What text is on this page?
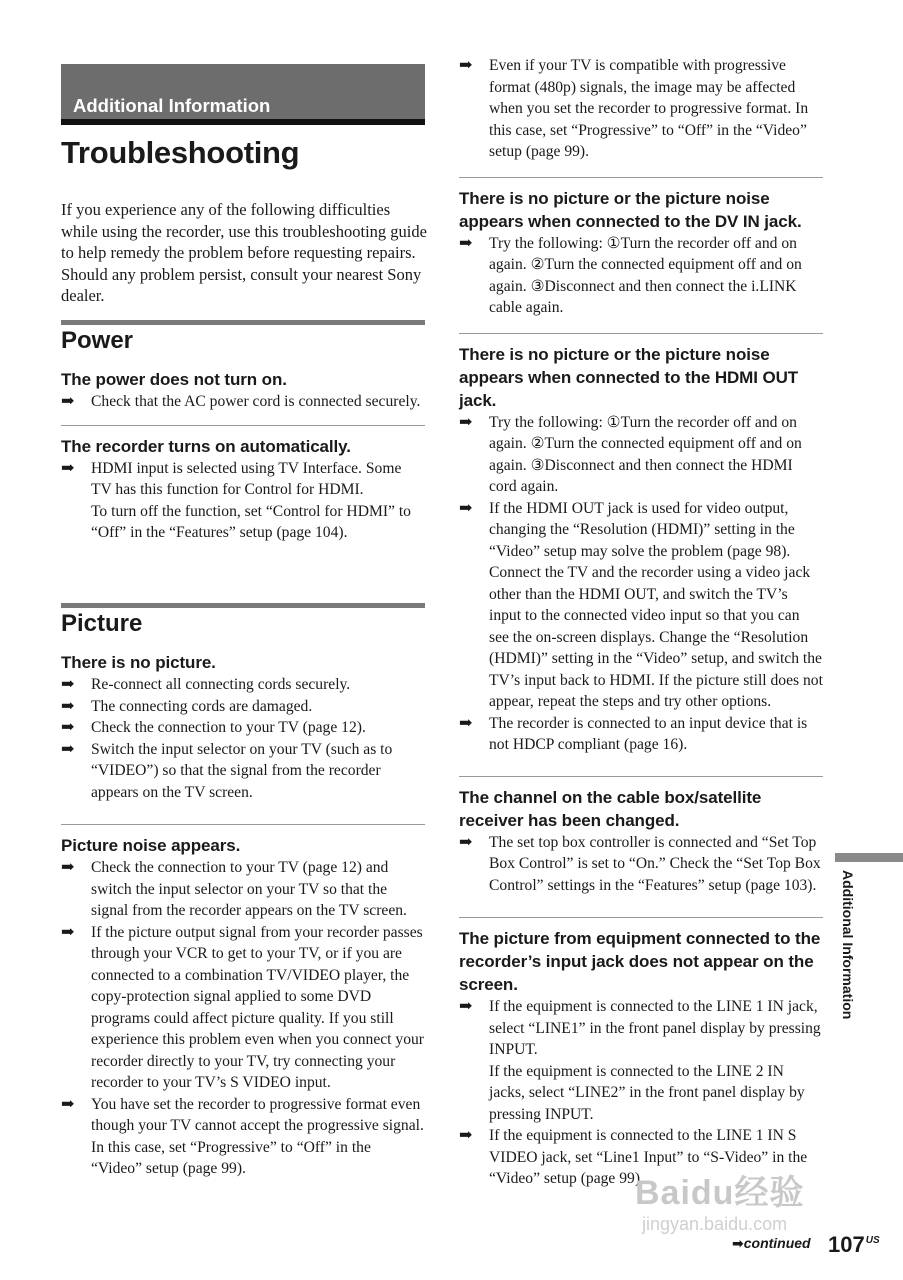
Additional Information
Troubleshooting

If you experience any of the following difficulties while using the recorder, use this troubleshooting guide to help remedy the problem before requesting repairs. Should any problem persist, consult your nearest Sony dealer.

Power
The power does not turn on.
➡ Check that the AC power cord is connected securely.

The recorder turns on automatically.
➡ HDMI input is selected using TV Interface. Some TV has this function for Control for HDMI.

To turn off the function, set “Control for HDMI” to “Off” in the “Features” setup (page 104).

Picture
There is no picture.
➡ Re-connect all connecting cords securely.

➡ The connecting cords are damaged.

➡ Check the connection to your TV (page 12).

➡ Switch the input selector on your TV (such as to “VIDEO”) so that the signal from the recorder appears on the TV screen.

Picture noise appears.
➡ Check the connection to your TV (page 12) and switch the input selector on your TV so that the signal from the recorder appears on the TV screen.

➡ If the picture output signal from your recorder passes through your VCR to get to your TV, or if you are connected to a combination TV/VIDEO player, the copy-protection signal applied to some DVD programs could affect picture quality. If you still experience this problem even when you connect your recorder directly to your TV, try connecting your recorder to your TV’s S VIDEO input.

➡ You have set the recorder to progressive format even though your TV cannot accept the progressive signal. In this case, set “Progressive” to “Off” in the “Video” setup (page 99).

➡ Even if your TV is compatible with progressive format (480p) signals, the image may be affected when you set the recorder to progressive format. In this case, set “Progressive” to “Off” in the “Video” setup (page 99).

There is no picture or the picture noise appears when connected to the DV IN jack.
➡ Try the following: ①Turn the recorder off and on again. ②Turn the connected equipment off and on again. ③Disconnect and then connect the i.LINK cable again.

There is no picture or the picture noise appears when connected to the HDMI OUT jack.
➡ Try the following: ①Turn the recorder off and on again. ②Turn the connected equipment off and on again. ③Disconnect and then connect the HDMI cord again.

➡ If the HDMI OUT jack is used for video output, changing the “Resolution (HDMI)” setting in the “Video” setup may solve the problem (page 98). Connect the TV and the recorder using a video jack other than the HDMI OUT, and switch the TV’s input to the connected video input so that you can see the on-screen displays. Change the “Resolution (HDMI)” setting in the “Video” setup, and switch the TV’s input back to HDMI. If the picture still does not appear, repeat the steps and try other options.

➡ The recorder is connected to an input device that is not HDCP compliant (page 16).

The channel on the cable box/satellite receiver has been changed.
➡ The set top box controller is connected and “Set Top Box Control” is set to “On.” Check the “Set Top Box Control” settings in the “Features” setup (page 103).

The picture from equipment connected to the recorder’s input jack does not appear on the screen.
➡ If the equipment is connected to the LINE 1 IN jack, select “LINE1” in the front panel display by pressing INPUT.

If the equipment is connected to the LINE 2 IN jacks, select “LINE2” in the front panel display by pressing INPUT.

➡ If the equipment is connected to the LINE 1 IN S VIDEO jack, set “Line1 Input” to “S-Video” in the “Video” setup (page 99).

Additional Information
Baidu经验
jingyan.baidu.com
➡continued $107^{US}$
